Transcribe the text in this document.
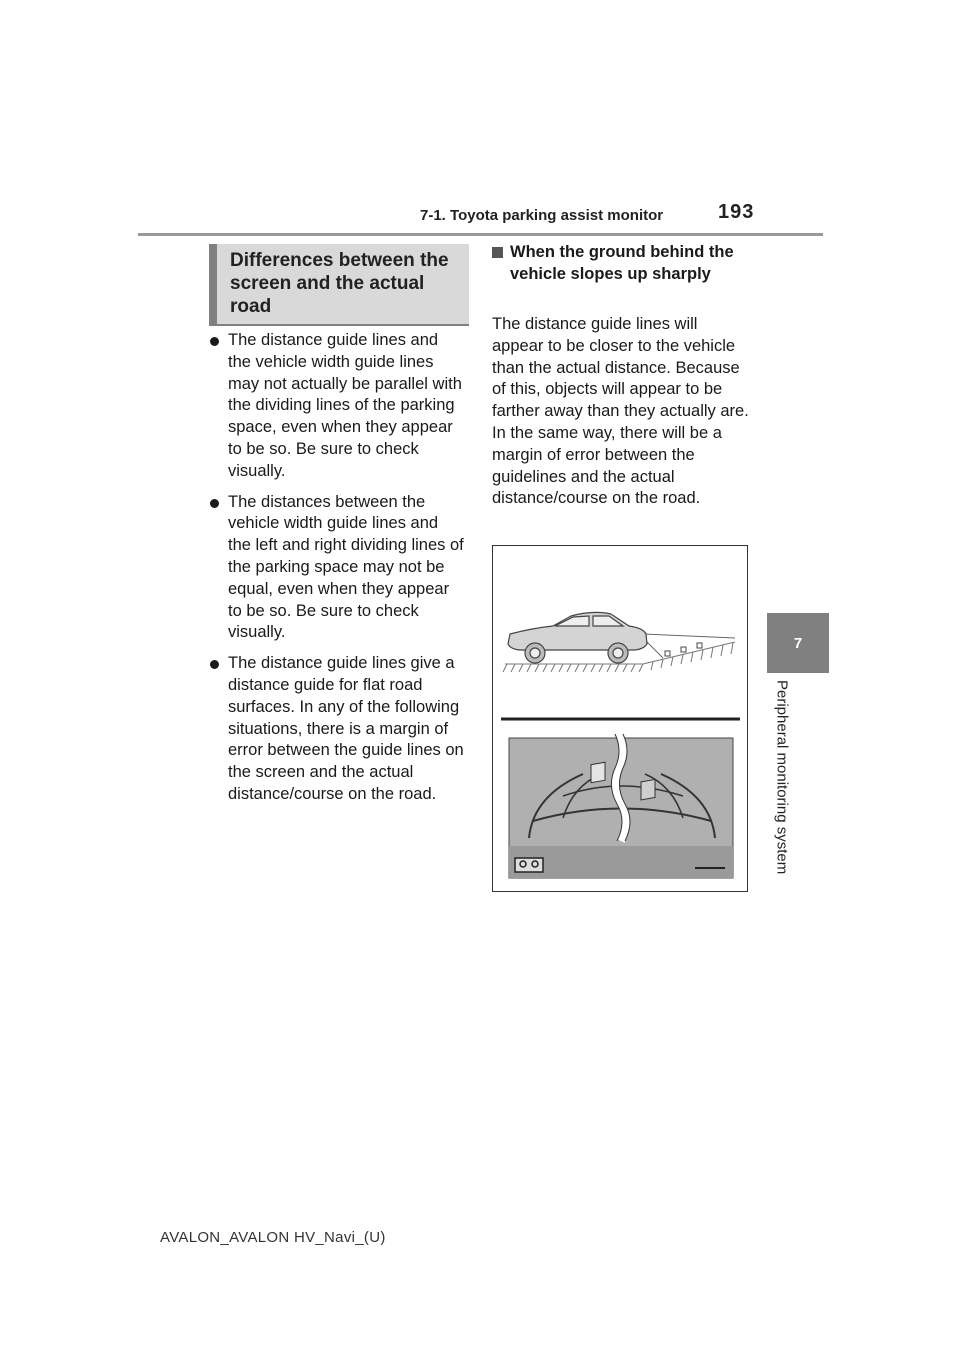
7-1. Toyota parking assist monitor	193
7
Peripheral monitoring system
Differences between the screen and the actual road
The distance guide lines and the vehicle width guide lines may not actually be parallel with the dividing lines of the parking space, even when they appear to be so. Be sure to check visually.
The distances between the vehicle width guide lines and the left and right dividing lines of the parking space may not be equal, even when they appear to be so. Be sure to check visually.
The distance guide lines give a distance guide for flat road surfaces. In any of the following situations, there is a margin of error between the guide lines on the screen and the actual distance/course on the road.
When the ground behind the vehicle slopes up sharply
The distance guide lines will appear to be closer to the vehicle than the actual distance. Because of this, objects will appear to be farther away than they actually are. In the same way, there will be a margin of error between the guidelines and the actual distance/course on the road.
AVALON_AVALON HV_Navi_(U)
